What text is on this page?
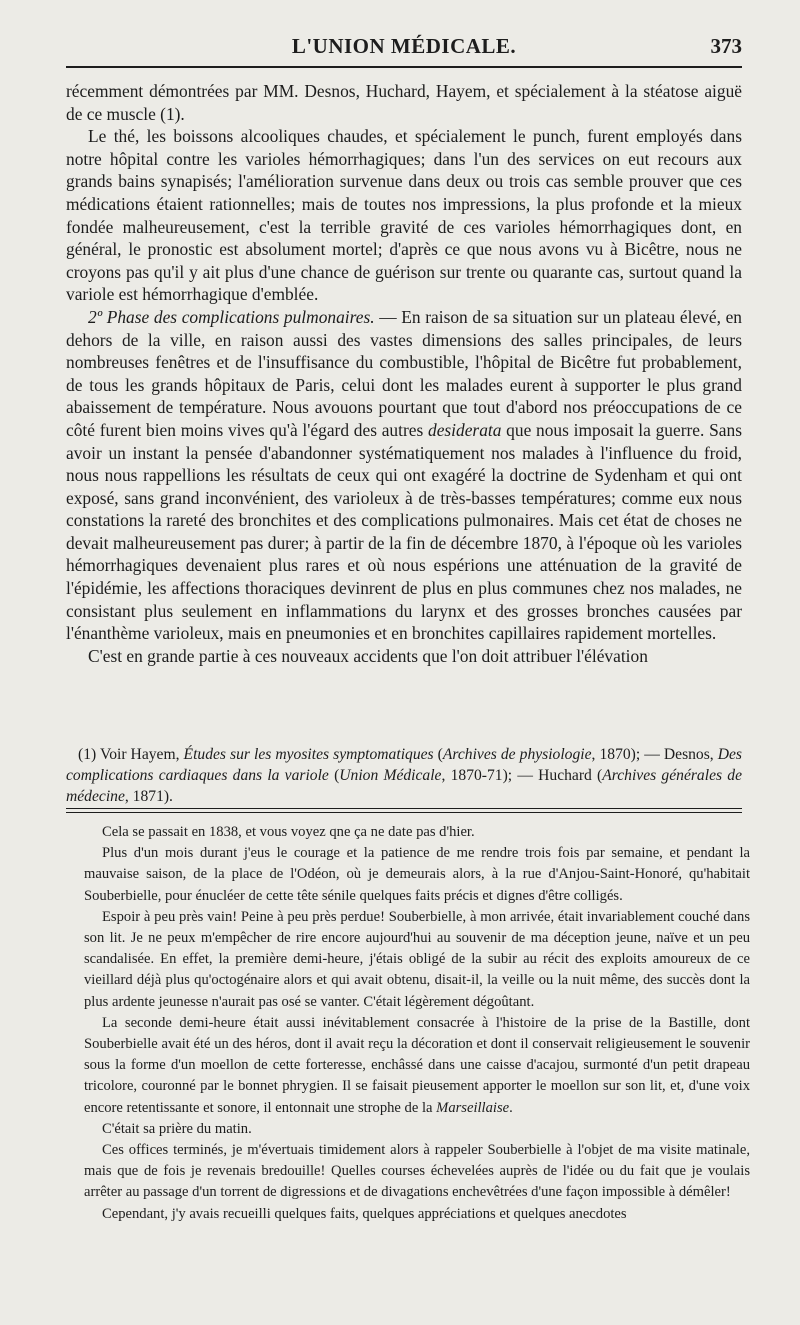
L'UNION MÉDICALE.	373

récemment démontrées par MM. Desnos, Huchard, Hayem, et spécialement à la stéatose aiguë de ce muscle (1).

Le thé, les boissons alcooliques chaudes, et spécialement le punch, furent employés dans notre hôpital contre les varioles hémorrhagiques; dans l'un des services on eut recours aux grands bains synapisés; l'amélioration survenue dans deux ou trois cas semble prouver que ces médications étaient rationnelles; mais de toutes nos impressions, la plus profonde et la mieux fondée malheureusement, c'est la terrible gravité de ces varioles hémorrhagiques dont, en général, le pronostic est absolument mortel; d'après ce que nous avons vu à Bicêtre, nous ne croyons pas qu'il y ait plus d'une chance de guérison sur trente ou quarante cas, surtout quand la variole est hémorrhagique d'emblée.

2º Phase des complications pulmonaires. — En raison de sa situation sur un plateau élevé, en dehors de la ville, en raison aussi des vastes dimensions des salles principales, de leurs nombreuses fenêtres et de l'insuffisance du combustible, l'hôpital de Bicêtre fut probablement, de tous les grands hôpitaux de Paris, celui dont les malades eurent à supporter le plus grand abaissement de température. Nous avouons pourtant que tout d'abord nos préoccupations de ce côté furent bien moins vives qu'à l'égard des autres desiderata que nous imposait la guerre. Sans avoir un instant la pensée d'abandonner systématiquement nos malades à l'influence du froid, nous nous rappellions les résultats de ceux qui ont exagéré la doctrine de Sydenham et qui ont exposé, sans grand inconvénient, des varioleux à de très-basses températures; comme eux nous constations la rareté des bronchites et des complications pulmonaires. Mais cet état de choses ne devait malheureusement pas durer; à partir de la fin de décembre 1870, à l'époque où les varioles hémorrhagiques devenaient plus rares et où nous espérions une atténuation de la gravité de l'épidémie, les affections thoraciques devinrent de plus en plus communes chez nos malades, ne consistant plus seulement en inflammations du larynx et des grosses bronches causées par l'énanthème varioleux, mais en pneumonies et en bronchites capillaires rapidement mortelles.

C'est en grande partie à ces nouveaux accidents que l'on doit attribuer l'élévation

(1) Voir Hayem, Études sur les myosites symptomatiques (Archives de physiologie, 1870); — Desnos, Des complications cardiaques dans la variole (Union Médicale, 1870-71); — Huchard (Archives générales de médecine, 1871).

Cela se passait en 1838, et vous voyez qne ça ne date pas d'hier.

Plus d'un mois durant j'eus le courage et la patience de me rendre trois fois par semaine, et pendant la mauvaise saison, de la place de l'Odéon, où je demeurais alors, à la rue d'Anjou-Saint-Honoré, qu'habitait Souberbielle, pour énucléer de cette tête sénile quelques faits précis et dignes d'être colligés.

Espoir à peu près vain! Peine à peu près perdue! Souberbielle, à mon arrivée, était invariablement couché dans son lit. Je ne peux m'empêcher de rire encore aujourd'hui au souvenir de ma déception jeune, naïve et un peu scandalisée. En effet, la première demi-heure, j'étais obligé de la subir au récit des exploits amoureux de ce vieillard déjà plus qu'octogénaire alors et qui avait obtenu, disait-il, la veille ou la nuit même, des succès dont la plus ardente jeunesse n'aurait pas osé se vanter. C'était légèrement dégoûtant.

La seconde demi-heure était aussi inévitablement consacrée à l'histoire de la prise de la Bastille, dont Souberbielle avait été un des héros, dont il avait reçu la décoration et dont il conservait religieusement le souvenir sous la forme d'un moellon de cette forteresse, enchâssé dans une caisse d'acajou, surmonté d'un petit drapeau tricolore, couronné par le bonnet phrygien. Il se faisait pieusement apporter le moellon sur son lit, et, d'une voix encore retentissante et sonore, il entonnait une strophe de la Marseillaise.

C'était sa prière du matin.

Ces offices terminés, je m'évertuais timidement alors à rappeler Souberbielle à l'objet de ma visite matinale, mais que de fois je revenais bredouille! Quelles courses échevelées auprès de l'idée ou du fait que je voulais arrêter au passage d'un torrent de digressions et de divagations enchevêtrées d'une façon impossible à démêler!

Cependant, j'y avais recueilli quelques faits, quelques appréciations et quelques anecdotes
